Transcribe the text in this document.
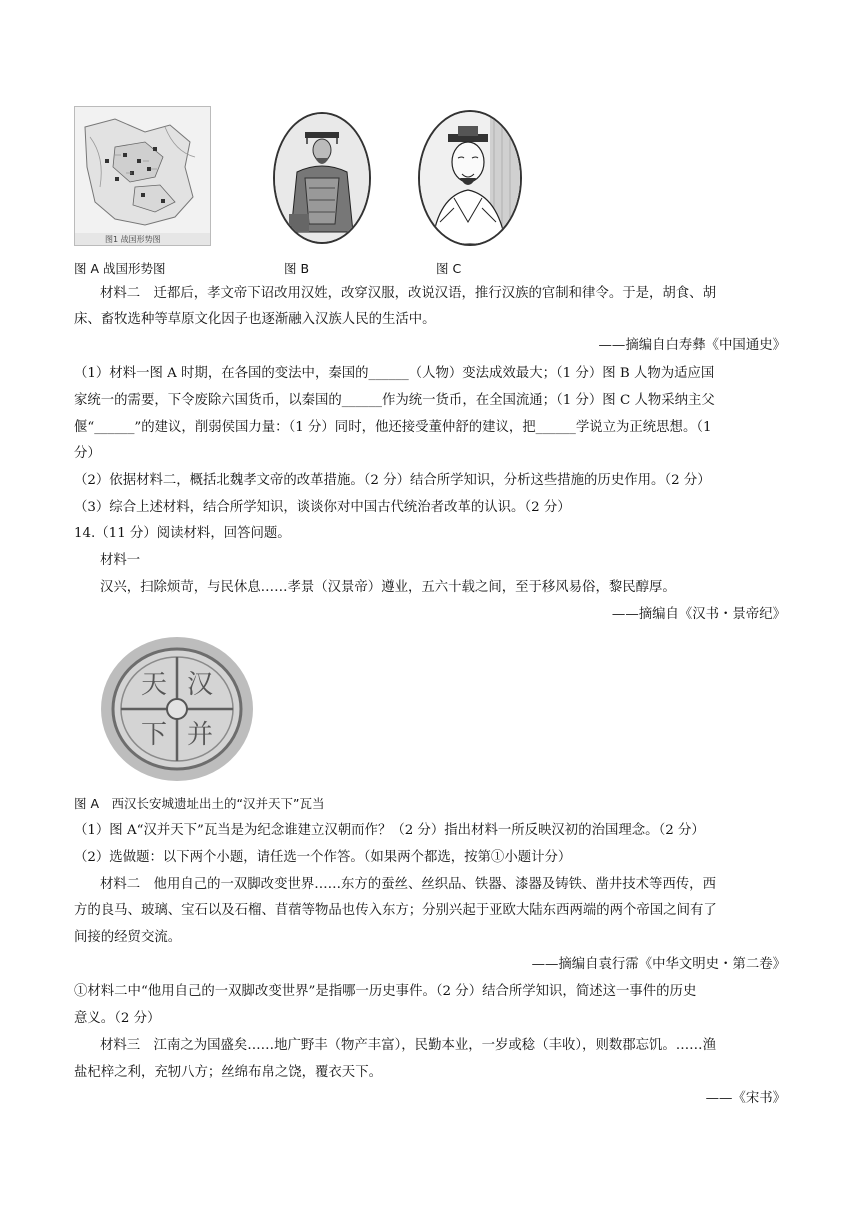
图1 战国形势图
图 A 战国形势图	图 B	图 C
材料二　迁都后，孝文帝下诏改用汉姓，改穿汉服，改说汉语，推行汉族的官制和律令。于是，胡食、胡
床、畜牧选种等草原文化因子也逐渐融入汉族人民的生活中。
——摘编自白寿彝《中国通史》
（1）材料一图 A 时期，在各国的变法中，秦国的______（人物）变法成效最大；（1 分）图 B 人物为适应国
家统一的需要，下令废除六国货币，以秦国的______作为统一货币，在全国流通；（1 分）图 C 人物采纳主父
偃“______”的建议，削弱侯国力量：（1 分）同时，他还接受董仲舒的建议，把______学说立为正统思想。（1
分）
（2）依据材料二，概括北魏孝文帝的改革措施。（2 分）结合所学知识，分析这些措施的历史作用。（2 分）
（3）综合上述材料，结合所学知识，谈谈你对中国古代统治者改革的认识。（2 分）
14.（11 分）阅读材料，回答问题。
材料一
汉兴，扫除烦苛，与民休息……孝景（汉景帝）遵业，五六十载之间，至于移风易俗，黎民醇厚。
——摘编自《汉书・景帝纪》
汉
并
天
下
图 A　西汉长安城遗址出土的“汉并天下”瓦当
（1）图 A“汉并天下”瓦当是为纪念谁建立汉朝而作？（2 分）指出材料一所反映汉初的治国理念。（2 分）
（2）选做题：以下两个小题，请任选一个作答。（如果两个都选，按第①小题计分）
材料二　他用自己的一双脚改变世界……东方的蚕丝、丝织品、铁器、漆器及铸铁、凿井技术等西传，西
方的良马、玻璃、宝石以及石榴、苜蓿等物品也传入东方；分别兴起于亚欧大陆东西两端的两个帝国之间有了
间接的经贸交流。
——摘编自袁行霈《中华文明史・第二卷》
①材料二中“他用自己的一双脚改变世界”是指哪一历史事件。（2 分）结合所学知识，简述这一事件的历史
意义。（2 分）
材料三　江南之为国盛矣……地广野丰（物产丰富），民勤本业，一岁或稔（丰收），则数郡忘饥。……渔
盐杞梓之利，充牣八方；丝绵布帛之饶，覆衣天下。
——《宋书》
